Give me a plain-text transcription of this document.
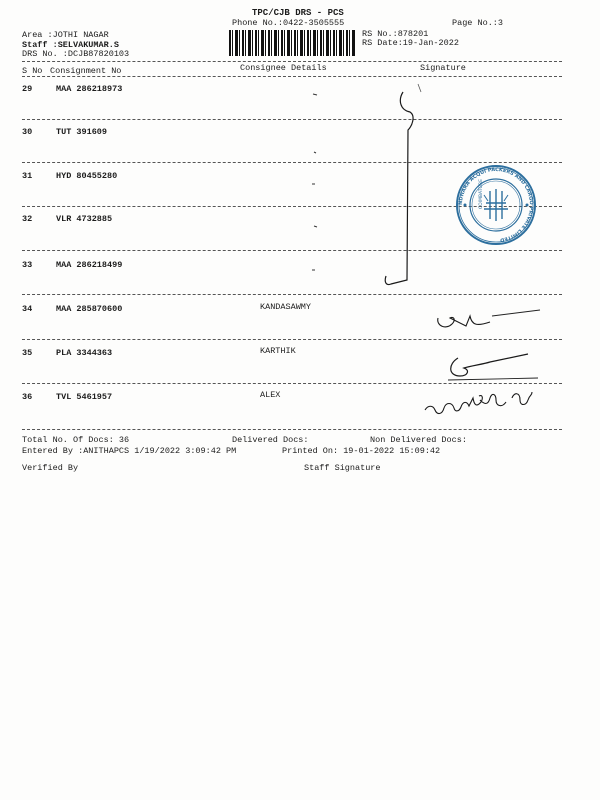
TPC/CJB DRS - PCS
Phone No.:0422-3505555	Page No.:3
Area :JOTHI NAGAR
Staff :SELVAKUMAR.S
DRS No. :DCJB87820103
RS No.:878201
RS Date:19-Jan-2022
S No Consignment No	Consignee Details	Signature
29	MAA 286218973
30	TUT 391609
31	HYD 80455280
32	VLR 4732885
33	MAA 286218499
34	MAA 285870600	KANDASAWMY
35	PLA 3344363	KARTHIK
36	TVL 5461957	ALEX
Total No. Of Docs: 36	Delivered Docs:	Non Delivered Docs:
Entered By :ANITHAPCS 1/19/2022 3:09:42 PM	Printed On: 19-01-2022 15:09:42
Verified By	Staff Signature
COIMBATORE
NDHARA ACQUI PACKERS AND CARGO PRIVATE LIMITED
